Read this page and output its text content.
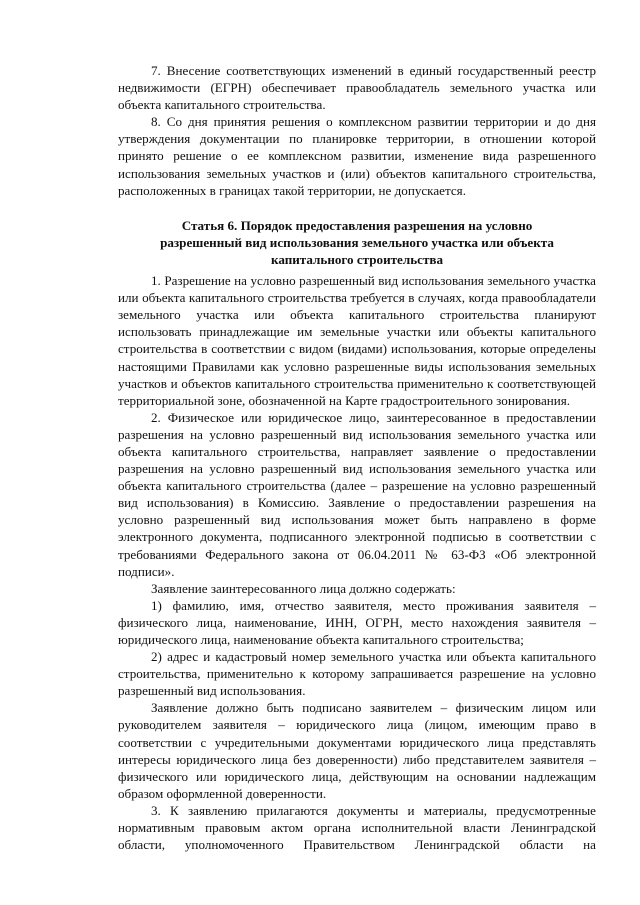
7. Внесение соответствующих изменений в единый государственный реестр недвижимости (ЕГРН) обеспечивает правообладатель земельного участка или объекта капитального строительства.

8. Со дня принятия решения о комплексном развитии территории и до дня утверждения документации по планировке территории, в отношении которой принято решение о ее комплексном развитии, изменение вида разрешенного использования земельных участков и (или) объектов капитального строительства, расположенных в границах такой территории, не допускается.

Статья 6. Порядок предоставления разрешения на условно разрешенный вид использования земельного участка или объекта капитального строительства

1. Разрешение на условно разрешенный вид использования земельного участка или объекта капитального строительства требуется в случаях, когда правообладатели земельного участка или объекта капитального строительства планируют использовать принадлежащие им земельные участки или объекты капитального строительства в соответствии с видом (видами) использования, которые определены настоящими Правилами как условно разрешенные виды использования земельных участков и объектов капитального строительства применительно к соответствующей территориальной зоне, обозначенной на Карте градостроительного зонирования.

2. Физическое или юридическое лицо, заинтересованное в предоставлении разрешения на условно разрешенный вид использования земельного участка или объекта капитального строительства, направляет заявление о предоставлении разрешения на условно разрешенный вид использования земельного участка или объекта капитального строительства (далее – разрешение на условно разрешенный вид использования) в Комиссию. Заявление о предоставлении разрешения на условно разрешенный вид использования может быть направлено в форме электронного документа, подписанного электронной подписью в соответствии с требованиями Федерального закона от 06.04.2011 № 63-ФЗ «Об электронной подписи».

Заявление заинтересованного лица должно содержать:

1) фамилию, имя, отчество заявителя, место проживания заявителя – физического лица, наименование, ИНН, ОГРН, место нахождения заявителя – юридического лица, наименование объекта капитального строительства;

2) адрес и кадастровый номер земельного участка или объекта капитального строительства, применительно к которому запрашивается разрешение на условно разрешенный вид использования.

Заявление должно быть подписано заявителем – физическим лицом или руководителем заявителя – юридического лица (лицом, имеющим право в соответствии с учредительными документами юридического лица представлять интересы юридического лица без доверенности) либо представителем заявителя – физического или юридического лица, действующим на основании надлежащим образом оформленной доверенности.

3. К заявлению прилагаются документы и материалы, предусмотренные нормативным правовым актом органа исполнительной власти Ленинградской области, уполномоченного Правительством Ленинградской области на
